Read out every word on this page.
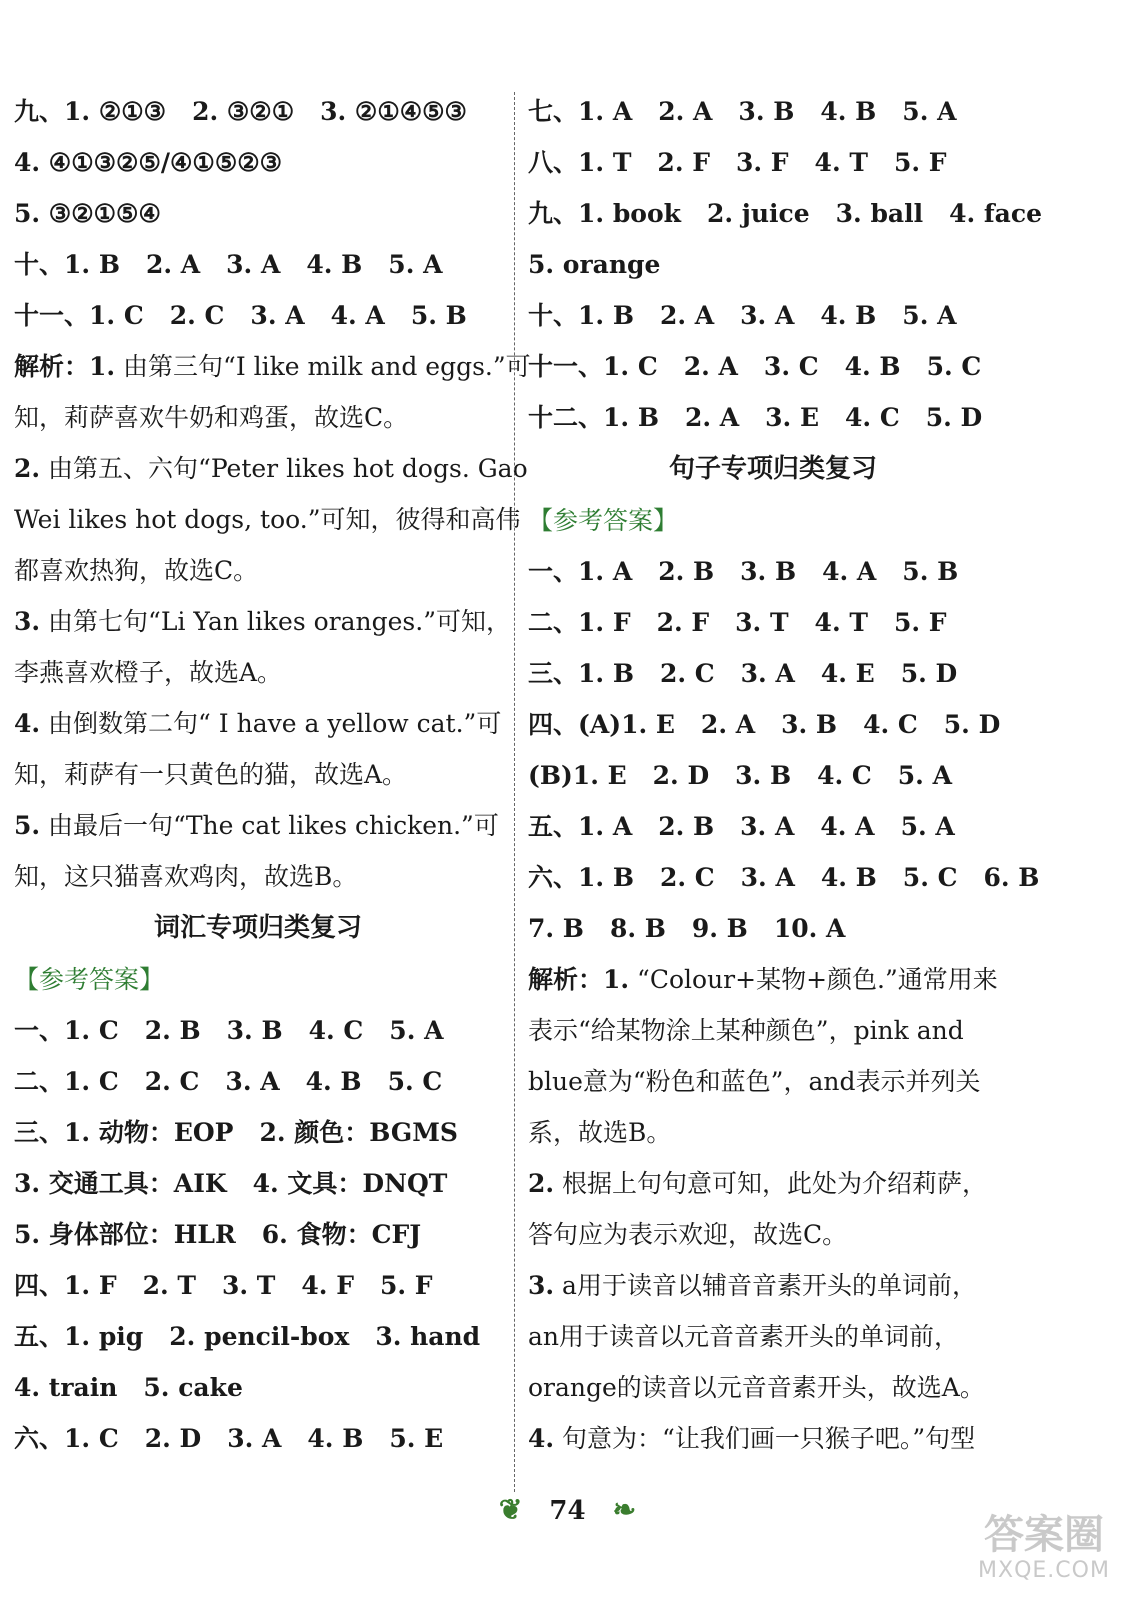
九、1. ②①③ 2. ③②① 3. ②①④⑤③
4. ④①③②⑤/④①⑤②③
5. ③②①⑤④
十、1. B 2. A 3. A 4. B 5. A
十一、1. C 2. C 3. A 4. A 5. B
解析：1. 由第三句“I like milk and eggs.”可
知，莉萨喜欢牛奶和鸡蛋，故选C。
2. 由第五、六句“Peter likes hot dogs. Gao
Wei likes hot dogs, too.”可知，彼得和高伟
都喜欢热狗，故选C。
3. 由第七句“Li Yan likes oranges.”可知，
李燕喜欢橙子，故选A。
4. 由倒数第二句“ I have a yellow cat.”可
知，莉萨有一只黄色的猫，故选A。
5. 由最后一句“The cat likes chicken.”可
知，这只猫喜欢鸡肉，故选B。
词汇专项归类复习
【参考答案】
一、1. C 2. B 3. B 4. C 5. A
二、1. C 2. C 3. A 4. B 5. C
三、1. 动物：EOP 2. 颜色：BGMS
3. 交通工具：AIK 4. 文具：DNQT
5. 身体部位：HLR 6. 食物：CFJ
四、1. F 2. T 3. T 4. F 5. F
五、1. pig 2. pencil-box 3. hand
4. train 5. cake
六、1. C 2. D 3. A 4. B 5. E
七、1. A 2. A 3. B 4. B 5. A
八、1. T 2. F 3. F 4. T 5. F
九、1. book 2. juice 3. ball 4. face
5. orange
十、1. B 2. A 3. A 4. B 5. A
十一、1. C 2. A 3. C 4. B 5. C
十二、1. B 2. A 3. E 4. C 5. D
句子专项归类复习
【参考答案】
一、1. A 2. B 3. B 4. A 5. B
二、1. F 2. F 3. T 4. T 5. F
三、1. B 2. C 3. A 4. E 5. D
四、(A)1. E 2. A 3. B 4. C 5. D
(B)1. E 2. D 3. B 4. C 5. A
五、1. A 2. B 3. A 4. A 5. A
六、1. B 2. C 3. A 4. B 5. C 6. B
7. B 8. B 9. B 10. A
解析：1. “Colour+某物+颜色.”通常用来
表示“给某物涂上某种颜色”，pink and
blue意为“粉色和蓝色”，and表示并列关
系，故选B。
2. 根据上句句意可知，此处为介绍莉萨，
答句应为表示欢迎，故选C。
3. a用于读音以辅音音素开头的单词前，
an用于读音以元音音素开头的单词前，
orange的读音以元音音素开头，故选A。
4. 句意为：“让我们画一只猴子吧。”句型
❦ 74 ❧
答案圈
MXQE.COM
